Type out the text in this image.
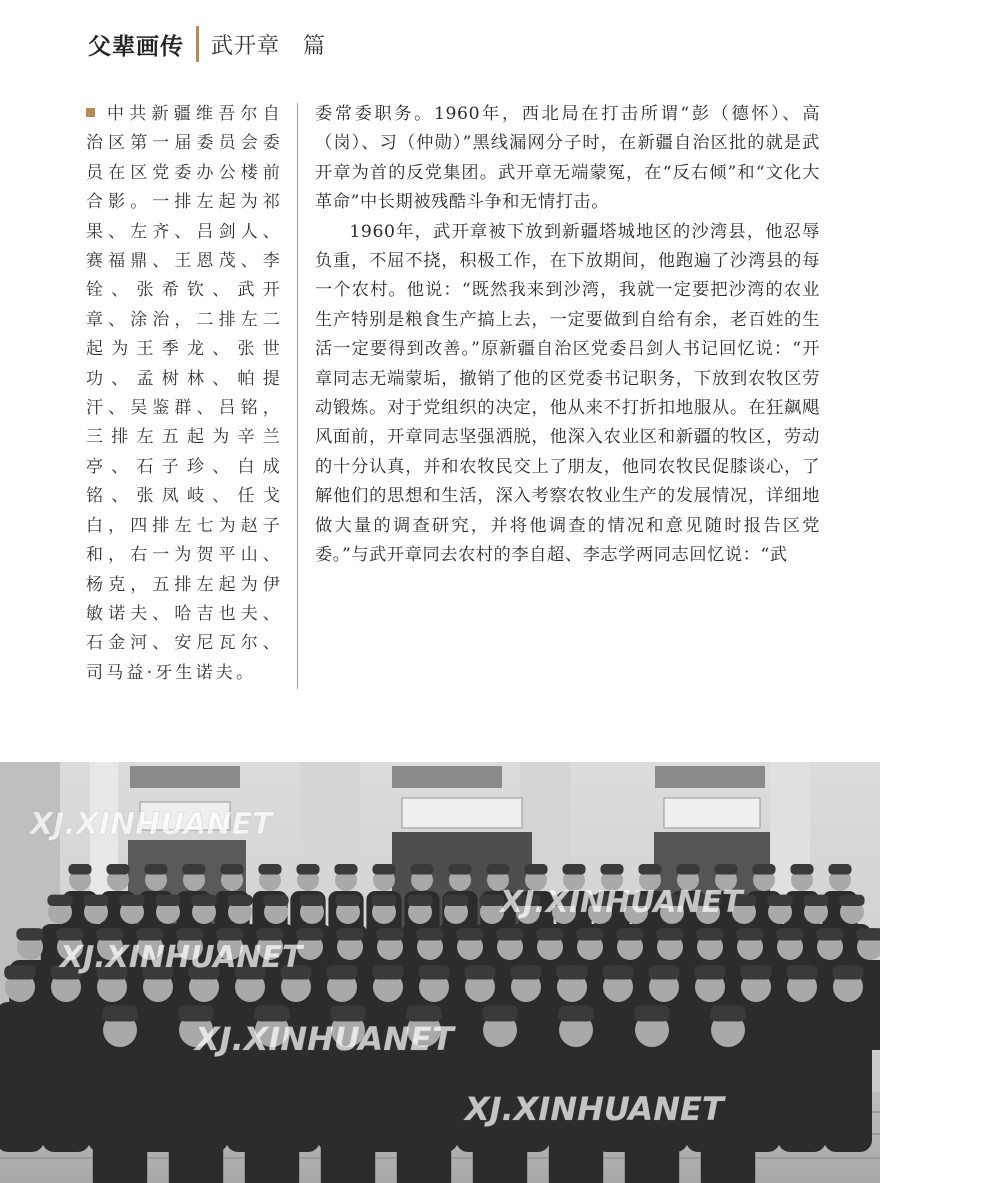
父辈画传 武开章　篇
中共新疆维吾尔自治区第一届委员会委员在区党委办公楼前合影。一排左起为祁果、左齐、吕剑人、赛福鼎、王恩茂、李铨、张希钦、武开章、涂治，二排左二起为王季龙、张世功、孟树林、帕提汗、吴鉴群、吕铭，三排左五起为辛兰亭、石子珍、白成铭、张凤岐、任戈白，四排左七为赵子和，右一为贺平山、杨克，五排左起为伊敏诺夫、哈吉也夫、石金河、安尼瓦尔、司马益·牙生诺夫。

委常委职务。1960年，西北局在打击所谓“彭（德怀）、高（岗）、习（仲勋）”黑线漏网分子时，在新疆自治区批的就是武开章为首的反党集团。武开章无端蒙冤，在“反右倾”和“文化大革命”中长期被残酷斗争和无情打击。

1960年，武开章被下放到新疆塔城地区的沙湾县，他忍辱负重，不屈不挠，积极工作，在下放期间，他跑遍了沙湾县的每一个农村。他说：“既然我来到沙湾，我就一定要把沙湾的农业生产特别是粮食生产搞上去，一定要做到自给有余，老百姓的生活一定要得到改善。”原新疆自治区党委吕剑人书记回忆说：“开章同志无端蒙垢，撤销了他的区党委书记职务，下放到农牧区劳动锻炼。对于党组织的决定，他从来不打折扣地服从。在狂飙飓风面前，开章同志坚强洒脱，他深入农业区和新疆的牧区，劳动的十分认真，并和农牧民交上了朋友，他同农牧民促膝谈心，了解他们的思想和生活，深入考察农牧业生产的发展情况，详细地做大量的调查研究，并将他调查的情况和意见随时报告区党委。”与武开章同去农村的李自超、李志学两同志回忆说：“武

XJ.XINHUANET
XJ.XINHUANET
XJ.XINHUANET
XJ.XINHUANET
XJ.XINHUANET
